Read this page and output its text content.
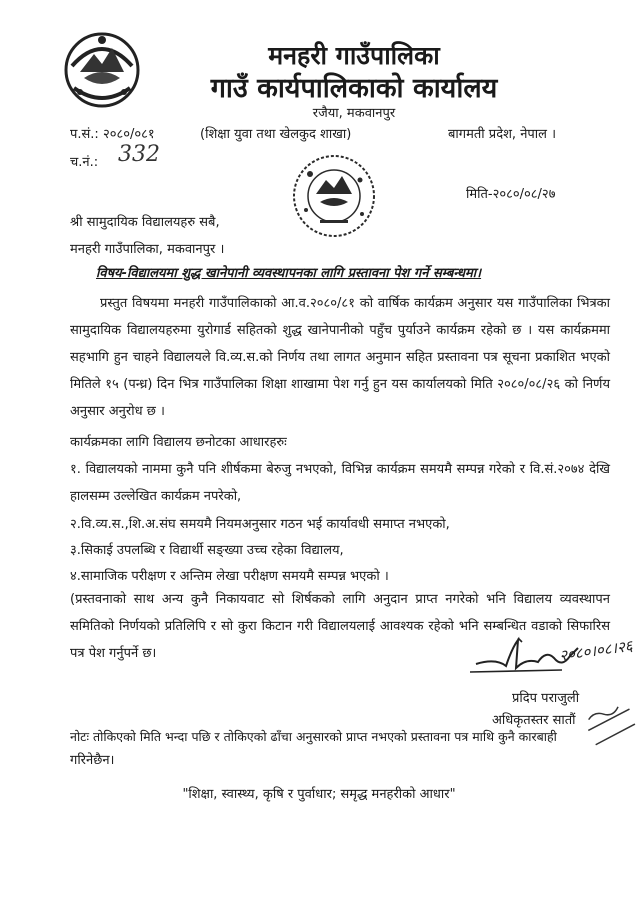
मनहरी गाउँपालिका
गाउँ कार्यपालिकाको कार्यालय
रजैया, मकवानपुर
प.सं.: २०८०/०८१	(शिक्षा युवा तथा खेलकुद शाखा)	बागमती प्रदेश, नेपाल ।
च.नं.: 332
मिति-२०८०/०८/२७
श्री सामुदायिक विद्यालयहरु सबै,
मनहरी गाउँपालिका, मकवानपुर ।
विषय-विद्यालयमा शुद्ध खानेपानी व्यवस्थापनका लागि प्रस्तावना पेश गर्ने सम्बन्धमा।
प्रस्तुत विषयमा मनहरी गाउँपालिकाको आ.व.२०८०/८१ को वार्षिक कार्यक्रम अनुसार यस गाउँपालिका भित्रका सामुदायिक विद्यालयहरुमा युरोगार्ड सहितको शुद्ध खानेपानीको पहुँच पुर्याउने कार्यक्रम रहेको छ । यस कार्यक्रममा सहभागि हुन चाहने विद्यालयले वि.व्य.स.को निर्णय तथा लागत अनुमान सहित प्रस्तावना पत्र सूचना प्रकाशित भएको मितिले १५ (पन्ध्र) दिन भित्र गाउँपालिका शिक्षा शाखामा पेश गर्नु हुन यस कार्यालयको मिति २०८०/०८/२६ को निर्णय अनुसार अनुरोध छ ।
कार्यक्रमका लागि विद्यालय छनोटका आधारहरुः
१. विद्यालयको नाममा कुनै पनि शीर्षकमा बेरुजु नभएको, विभिन्न कार्यक्रम समयमै सम्पन्न गरेको र वि.सं.२०७४ देखि हालसम्म उल्लेखित कार्यक्रम नपरेको,
२.वि.व्य.स.,शि.अ.संघ समयमै नियमअनुसार गठन भई कार्यावधी समाप्त नभएको,
३.सिकाई उपलब्धि र विद्यार्थी सङ्ख्या उच्च रहेका विद्यालय,
४.सामाजिक परीक्षण र अन्तिम लेखा परीक्षण समयमै सम्पन्न भएको ।
(प्रस्तवनाको साथ अन्य कुनै निकायवाट सो शिर्षकको लागि अनुदान प्राप्त नगरेको भनि विद्यालय व्यवस्थापन समितिको निर्णयको प्रतिलिपि र सो कुरा किटान गरी विद्यालयलाई आवश्यक रहेको भनि सम्बन्धित वडाको सिफारिस पत्र पेश गर्नुपर्ने छ।	२०८०।०८।२६
प्रदिप पराजुली
अधिकृतस्तर सातौं
नोटः तोकिएको मिति भन्दा पछि र तोकिएको ढाँचा अनुसारको प्राप्त नभएको प्रस्तावना पत्र माथि कुनै कारबाही
गरिनेछैन।
"शिक्षा, स्वास्थ्य, कृषि र पुर्वाधार; समृद्ध मनहरीको आधार"
